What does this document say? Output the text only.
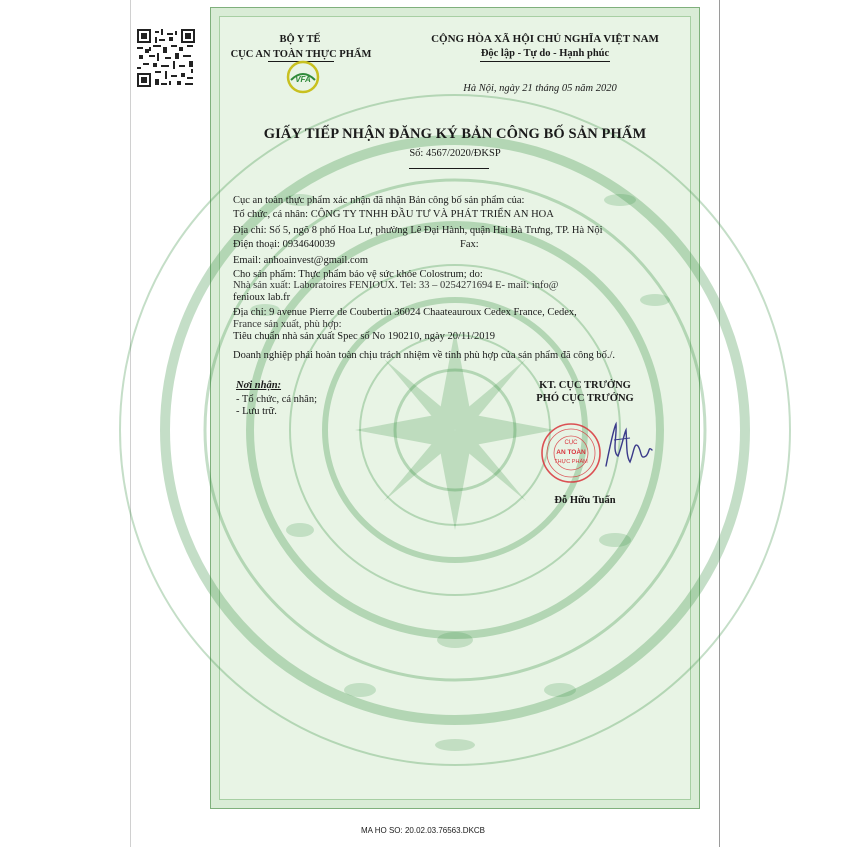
BỘ Y TẾ
CỤC AN TOÀN THỰC PHẨM
VFA
CỘNG HÒA XÃ HỘI CHỦ NGHĨA VIỆT NAM
Độc lập - Tự do - Hạnh phúc
Hà Nội, ngày 21 tháng 05 năm 2020
GIẤY TIẾP NHẬN ĐĂNG KÝ BẢN CÔNG BỐ SẢN PHẨM
Số: 4567/2020/ĐKSP
Cục an toàn thực phẩm xác nhận đã nhận Bản công bố sản phẩm của:
Tổ chức, cá nhân: CÔNG TY TNHH ĐẦU TƯ VÀ PHÁT TRIỂN AN HOA
Địa chỉ: Số 5, ngõ 8 phố Hoa Lư, phường Lê Đại Hành, quận Hai Bà Trưng, TP. Hà Nội
Điện thoại: 0934640039	Fax:
Email: anhoainvest@gmail.com
Cho sản phẩm: Thực phẩm bảo vệ sức khỏe Colostrum; do:
Nhà sản xuất: Laboratoires FENIOUX. Tel: 33 – 0254271694 E- mail: info@
fenioux lab.fr
Địa chỉ: 9 avenue Pierre de Coubertin 36024 Chaateauroux Cedex France, Cedex,
France sản xuất, phù hợp:
Tiêu chuẩn nhà sản xuất Spec số No 190210, ngày 20/11/2019
Doanh nghiệp phải hoàn toàn chịu trách nhiệm về tính phù hợp của sản phẩm đã công bố./.
Nơi nhận:
- Tổ chức, cá nhân;
- Lưu trữ.
KT. CỤC TRƯỞNG
PHÓ CỤC TRƯỞNG
CỤC
AN TOÀN
THỰC PHẨM
Đỗ Hữu Tuấn
MA HO SO: 20.02.03.76563.DKCB
